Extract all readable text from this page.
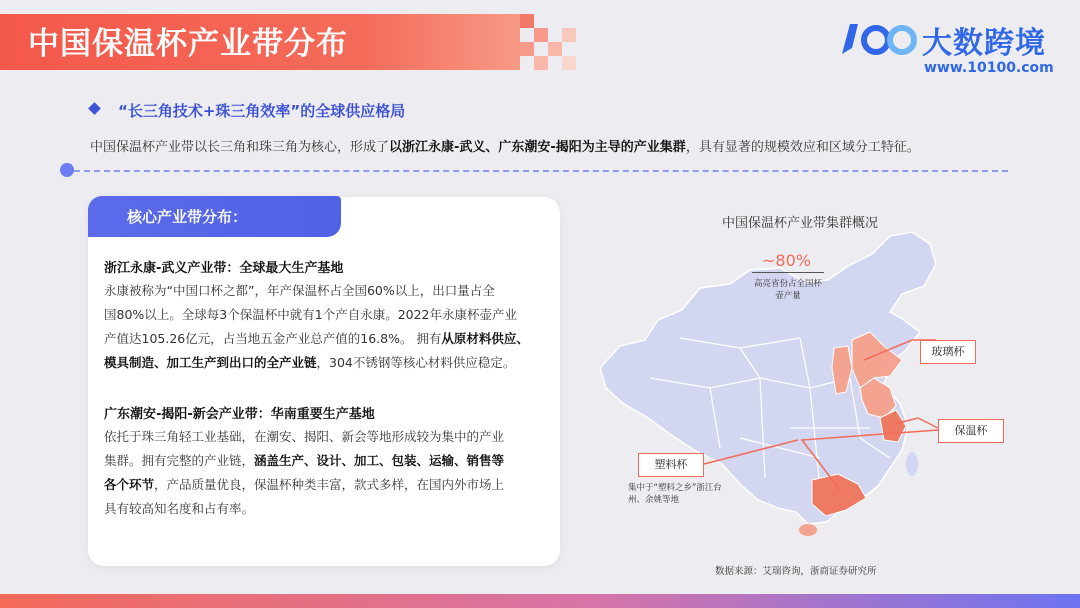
中国保温杯产业带分布	大数跨境
www.10100.com
“长三角技术+珠三角效率”的全球供应格局
中国保温杯产业带以长三角和珠三角为核心，形成了以浙江永康-武义、广东潮安-揭阳为主导的产业集群，具有显著的规模效应和区域分工特征。
核心产业带分布：
浙江永康-武义产业带：全球最大生产基地
永康被称为“中国口杯之都”，年产保温杯占全国60%以上，出口量占全
国80%以上。全球每3个保温杯中就有1个产自永康。2022年永康杯壶产业
产值达105.26亿元，占当地五金产业总产值的16.8%。 拥有从原材料供应、
模具制造、加工生产到出口的全产业链，304不锈钢等核心材料供应稳定。
广东潮安-揭阳-新会产业带：华南重要生产基地
依托于珠三角轻工业基础，在潮安、揭阳、新会等地形成较为集中的产业
集群。拥有完整的产业链，涵盖生产、设计、加工、包装、运输、销售等
各个环节，产品质量优良，保温杯种类丰富，款式多样，在国内外市场上
具有较高知名度和占有率。
中国保温杯产业带集群概况
~80%
高亮省份占全国杯壶产量
玻璃杯
保温杯
塑料杯
集中于“塑料之乡”浙江台州、余姚等地
数据来源：艾瑞咨询，浙商证券研究所
